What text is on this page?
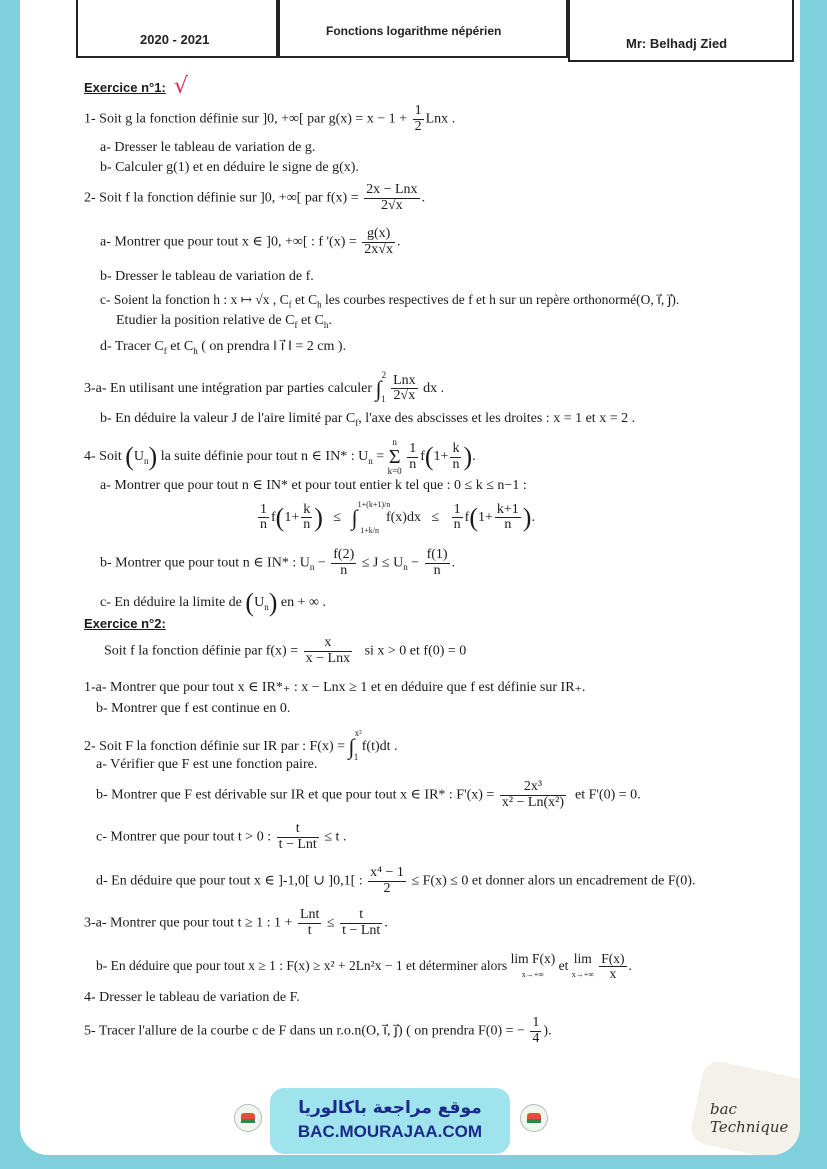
2020 - 2021
Fonctions logarithme népérien
Mr: Belhadj Zied
Exercice n°1: √
1- Soit g la fonction définie sur ]0, +∞[ par $g(x) = x - 1 + \frac{1}{2}$ Lnx .
a- Dresser le tableau de variation de g.
b- Calculer g(1) et en déduire le signe de g(x).
2- Soit f la fonction définie sur ]0, +∞[ par $f(x) = \frac{\text{2x − Lnx}}{2√x}$ .
a- Montrer que pour tout x ∈ ]0, +∞[ : f '$(x) = \frac{g(x)}{2x√x}$ .
b- Dresser le tableau de variation de f.
c- Soient la fonction h : x ↦ √x , $C_f$ et $C_h$ les courbes respectives de f et h sur un repère orthonormé(O, i⃗, j⃗).
Etudier la position relative de $C_f$ et $C_h$.
d- Tracer $C_f$ et $C_h$ ( on prendra ‖ i⃗ ‖ = 2 cm ).
3-a- En utilisant une intégration par parties calculer $\int^2_1 \frac{\text{Lnx}}{2√x}$ dx .
b- En déduire la valeur J de l'aire limité par $C_f$, l'axe des abscisses et les droites : x = 1 et x = 2 .
4- Soit $(U_n)$ la suite définie pour tout n ∈ IN* : $U_n = n$
Σ
$k=0 \frac{1}{n} f(1+ \frac{k}{n}$ ).
a- Montrer que pour tout n ∈ IN* et pour tout entier k tel que : 0 ≤ k ≤ n−1 :
$\frac{1}{n} f(1+ \frac{k}{n}$ )   ≤   ∫$^{1+(k+1)/n}_{1+k/n}$  $f(x)dx \le \frac{1}{n} f(1+ \frac{k+1}{n}$ ).
b- Montrer que pour tout n ∈ IN* : $U_n - \frac{f(2)}{n} \le J \le U_n - \frac{f(1)}{n}$ .
c- En déduire la limite de $(U_n)$ en + ∞ .
Exercice n°2:
Soit f la fonction définie par $f(x) = \frac{x}{\text{x − Lnx}}$ si x > 0 et f(0) = 0
1-a- Montrer que pour tout x ∈ IR*₊ : x − Lnx ≥ 1 et en déduire que f est définie sur IR₊.
b- Montrer que f est continue en 0.
2- Soit F la fonction définie sur IR par : F(x) = ∫$^{x^2}_1$ f(t)dt .
a- Vérifier que F est une fonction paire.
b- Montrer que F est dérivable sur IR et que pour tout x ∈ IR* : $F'(x) = \frac{\text{2x³}}{\text{x² − Ln(x²)}}$ et F'(0) = 0.
c- Montrer que pour tout t > 0 : $\frac{t}{\text{t − Lnt}} \le t$ .
d- En déduire que pour tout x ∈ ]-1,0[ ∪ ]0,1[ : $\frac{\text{x⁴ − 1}}{2} \le F(x) \le 0$ et donner alors un encadrement de F(0).
3-a- Montrer que pour tout t ≥ 1 : $1 + \frac{\text{Lnt}}{t} \le \frac{t}{\text{t − Lnt}}$ .
b- En déduire que pour tout x ≥ 1 : F(x) ≥ x² + 2Ln²x − 1 et déterminer alors lim F(x)
x→+∞ et lim
$x\to+\infty \frac{F(x)}{x}$ .
4- Dresser le tableau de variation de F.
5- Tracer l'allure de la courbe c de F dans un r.o.n(O, i⃗, j⃗) ( on prendra F(0) = − $\frac{1}{4}$ ).
bac Technique
موقع مراجعة باكالوريا
BAC.MOURAJAA.COM
